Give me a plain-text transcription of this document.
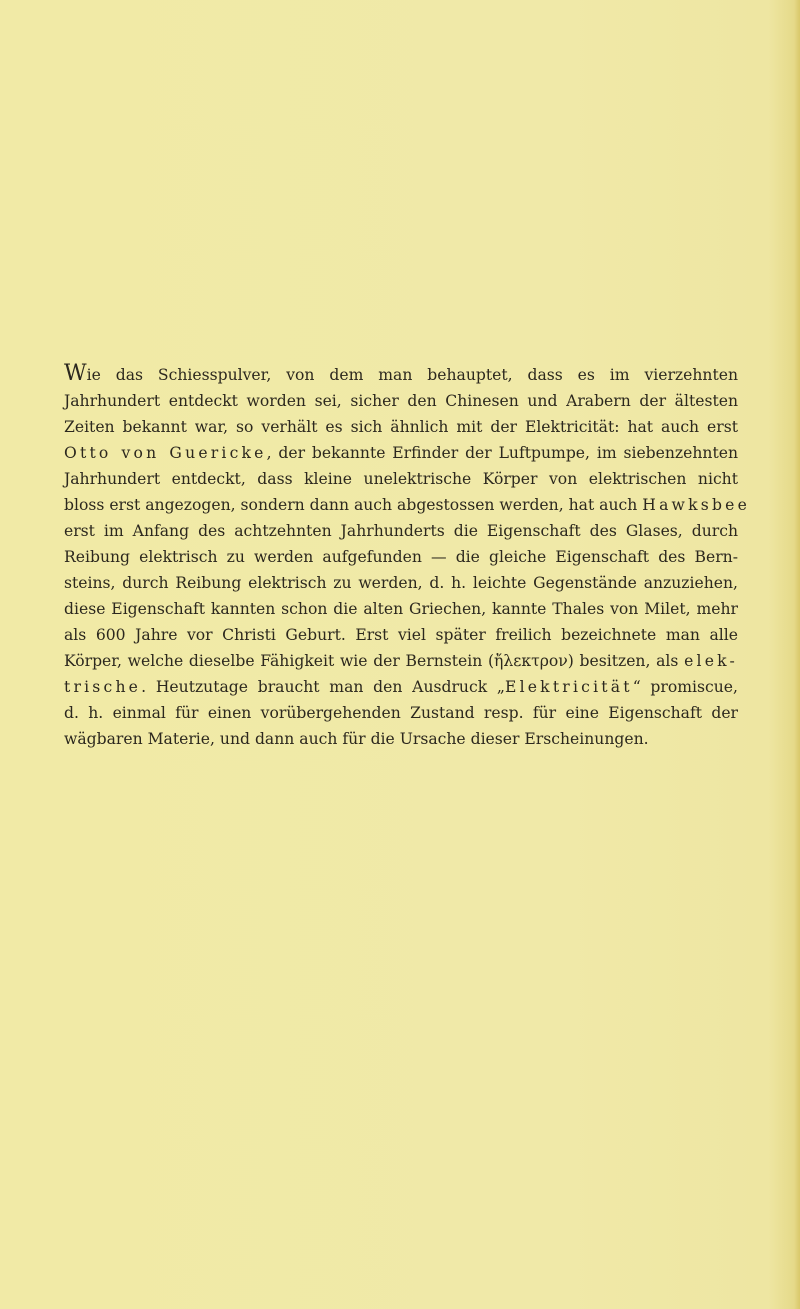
Wie das Schiesspulver, von dem man behauptet, dass es im vierzehnten
Jahrhundert entdeckt worden sei, sicher den Chinesen und Arabern der ältesten
Zeiten bekannt war, so verhält es sich ähnlich mit der Elektricität: hat auch erst
Otto von Guericke, der bekannte Erfinder der Luftpumpe, im siebenzehnten
Jahrhundert entdeckt, dass kleine unelektrische Körper von elektrischen nicht
bloss erst angezogen, sondern dann auch abgestossen werden, hat auch Hawksbee
erst im Anfang des achtzehnten Jahrhunderts die Eigenschaft des Glases, durch
Reibung elektrisch zu werden aufgefunden — die gleiche Eigenschaft des Bern-
steins, durch Reibung elektrisch zu werden, d. h. leichte Gegenstände anzuziehen,
diese Eigenschaft kannten schon die alten Griechen, kannte Thales von Milet, mehr
als 600 Jahre vor Christi Geburt. Erst viel später freilich bezeichnete man alle
Körper, welche dieselbe Fähigkeit wie der Bernstein (ἤλεκτρον) besitzen, als elek-
trische. Heutzutage braucht man den Ausdruck „Elektricität“ promiscue,
d. h. einmal für einen vorübergehenden Zustand resp. für eine Eigenschaft der
wägbaren Materie, und dann auch für die Ursache dieser Erscheinungen.
